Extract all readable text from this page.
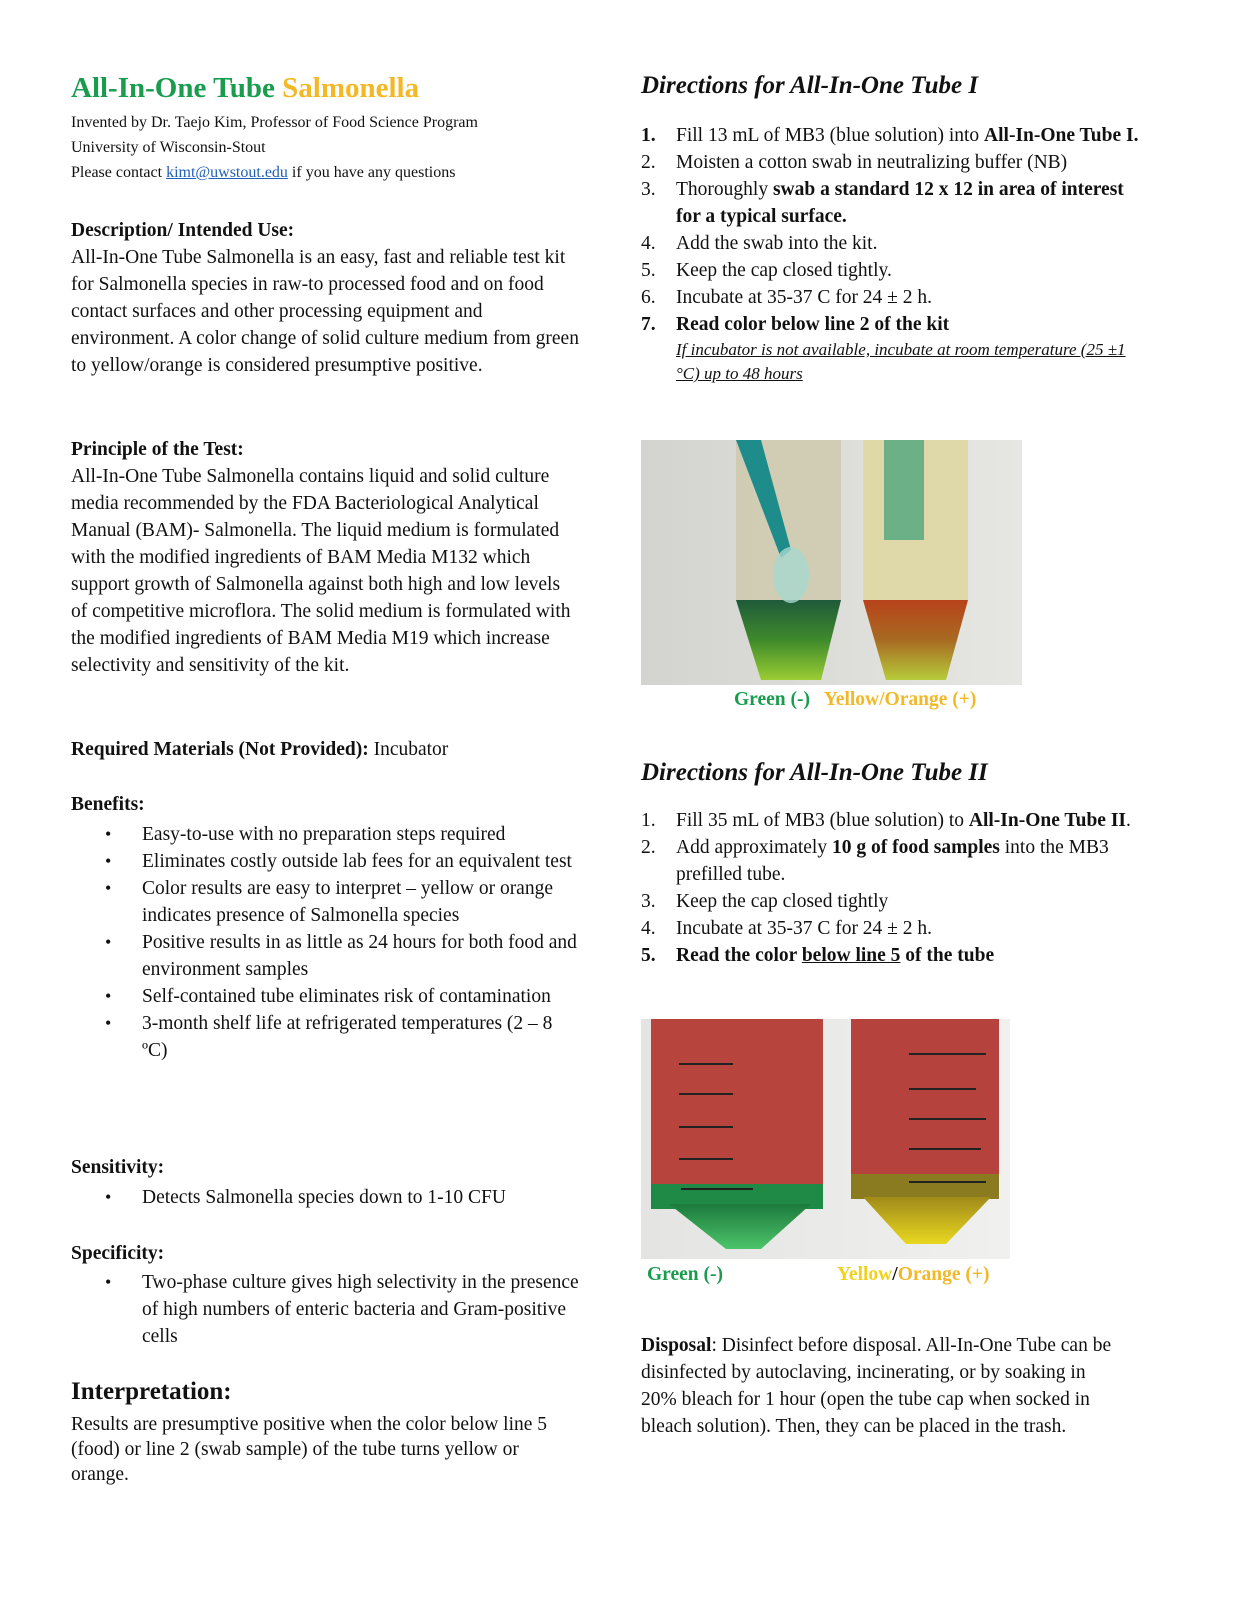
All-In-One Tube Salmonella
Invented by Dr. Taejo Kim, Professor of Food Science Program
University of Wisconsin-Stout
Please contact kimt@uwstout.edu if you have any questions
Description/ Intended Use:
All-In-One Tube Salmonella is an easy, fast and reliable test kit for Salmonella species in raw-to processed food and on food contact surfaces and other processing equipment and environment. A color change of solid culture medium from green to yellow/orange is considered presumptive positive.
Principle of the Test:
All-In-One Tube Salmonella contains liquid and solid culture media recommended by the FDA Bacteriological Analytical Manual (BAM)- Salmonella. The liquid medium is formulated with the modified ingredients of BAM Media M132 which support growth of Salmonella against both high and low levels of competitive microflora. The solid medium is formulated with the modified ingredients of BAM Media M19 which increase selectivity and sensitivity of the kit.
Required Materials (Not Provided): Incubator
Benefits:
• Easy-to-use with no preparation steps required
• Eliminates costly outside lab fees for an equivalent test
• Color results are easy to interpret – yellow or orange indicates presence of Salmonella species
• Positive results in as little as 24 hours for both food and environment samples
• Self-contained tube eliminates risk of contamination
• 3-month shelf life at refrigerated temperatures (2 – 8 ºC)
Sensitivity:
• Detects Salmonella species down to 1-10 CFU
Specificity:
• Two-phase culture gives high selectivity in the presence of high numbers of enteric bacteria and Gram-positive cells
Interpretation:
Results are presumptive positive when the color below line 5 (food) or line 2 (swab sample) of the tube turns yellow or orange.
Directions for All-In-One Tube I
1. Fill 13 mL of MB3 (blue solution) into All-In-One Tube I.
2. Moisten a cotton swab in neutralizing buffer (NB)
3. Thoroughly swab a standard 12 x 12 in area of interest for a typical surface.
4. Add the swab into the kit.
5. Keep the cap closed tightly.
6. Incubate at 35-37 C for 24 ± 2 h.
7. Read color below line 2 of the kit
If incubator is not available, incubate at room temperature (25 ±1 °C) up to 48 hours
Green (-) Yellow/Orange (+)
Directions for All-In-One Tube II
1. Fill 35 mL of MB3 (blue solution) to All-In-One Tube II.
2. Add approximately 10 g of food samples into the MB3 prefilled tube.
3. Keep the cap closed tightly
4. Incubate at 35-37 C for 24 ± 2 h.
5. Read the color below line 5 of the tube
Green (-)	Yellow/Orange (+)
Disposal: Disinfect before disposal. All-In-One Tube can be disinfected by autoclaving, incinerating, or by soaking in 20% bleach for 1 hour (open the tube cap when socked in bleach solution). Then, they can be placed in the trash.
